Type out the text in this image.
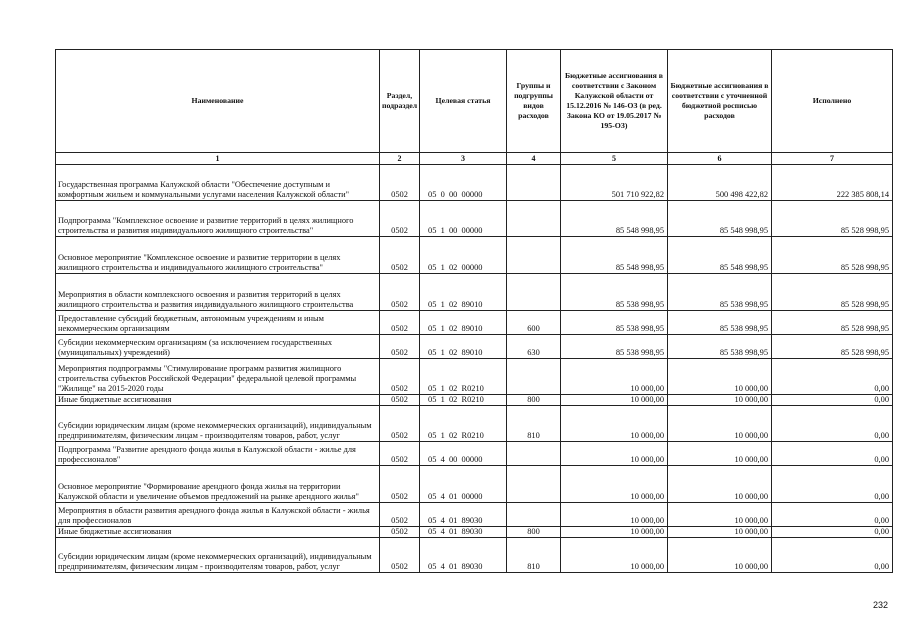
Наименование	Раздел, подраздел	Целевая статья	Группы и подгруппы видов расходов	Бюджетные ассигнования в соответствии с Законом Калужской области от 15.12.2016 № 146-ОЗ (в ред. Закона КО от 19.05.2017 № 195-ОЗ)	Бюджетные ассигнования в соответствии с уточненной бюджетной росписью расходов	Исполнено
1	2	3	4	5	6	7
Государственная программа Калужской области "Обеспечение доступным и комфортным жильем и коммунальными услугами населения Калужской области"	0502	05  0  00  00000		501 710 922,82	500 498 422,82	222 385 808,14
Подпрограмма "Комплексное освоение и развитие территорий в целях жилищного строительства и развития индивидуального жилищного строительства"	0502	05  1  00  00000		85 548 998,95	85 548 998,95	85 528 998,95
Основное мероприятие "Комплексное освоение и развитие территории в целях жилищного строительства и индивидуального жилищного строительства"	0502	05  1  02  00000		85 548 998,95	85 548 998,95	85 528 998,95
Мероприятия в области комплексного освоения и развития территорий в целях жилищного строительства и развития индивидуального жилищного строительства	0502	05  1  02  89010		85 538 998,95	85 538 998,95	85 528 998,95
Предоставление субсидий бюджетным, автономным учреждениям и иным некоммерческим организациям	0502	05  1  02  89010	600	85 538 998,95	85 538 998,95	85 528 998,95
Субсидии некоммерческим организациям (за исключением государственных (муниципальных) учреждений)	0502	05  1  02  89010	630	85 538 998,95	85 538 998,95	85 528 998,95
Мероприятия подпрограммы "Стимулирование программ развития жилищного строительства субъектов Российской Федерации" федеральной целевой программы "Жилище" на 2015-2020 годы	0502	05  1  02  R0210		10 000,00	10 000,00	0,00
Иные бюджетные ассигнования	0502	05  1  02  R0210	800	10 000,00	10 000,00	0,00
Субсидии юридическим лицам (кроме некоммерческих организаций), индивидуальным предпринимателям, физическим лицам - производителям товаров, работ, услуг	0502	05  1  02  R0210	810	10 000,00	10 000,00	0,00
Подпрограмма "Развитие арендного фонда жилья в Калужской области - жилье для профессионалов"	0502	05  4  00  00000		10 000,00	10 000,00	0,00
Основное мероприятие "Формирование арендного фонда жилья на территории Калужской области и увеличение объемов предложений на рынке арендного жилья"	0502	05  4  01  00000		10 000,00	10 000,00	0,00
Мероприятия в области развития арендного фонда жилья в Калужской области - жилья для профессионалов	0502	05  4  01  89030		10 000,00	10 000,00	0,00
Иные бюджетные ассигнования	0502	05  4  01  89030	800	10 000,00	10 000,00	0,00
Субсидии юридическим лицам (кроме некоммерческих организаций), индивидуальным предпринимателям, физическим лицам - производителям товаров, работ, услуг	0502	05  4  01  89030	810	10 000,00	10 000,00	0,00
232
